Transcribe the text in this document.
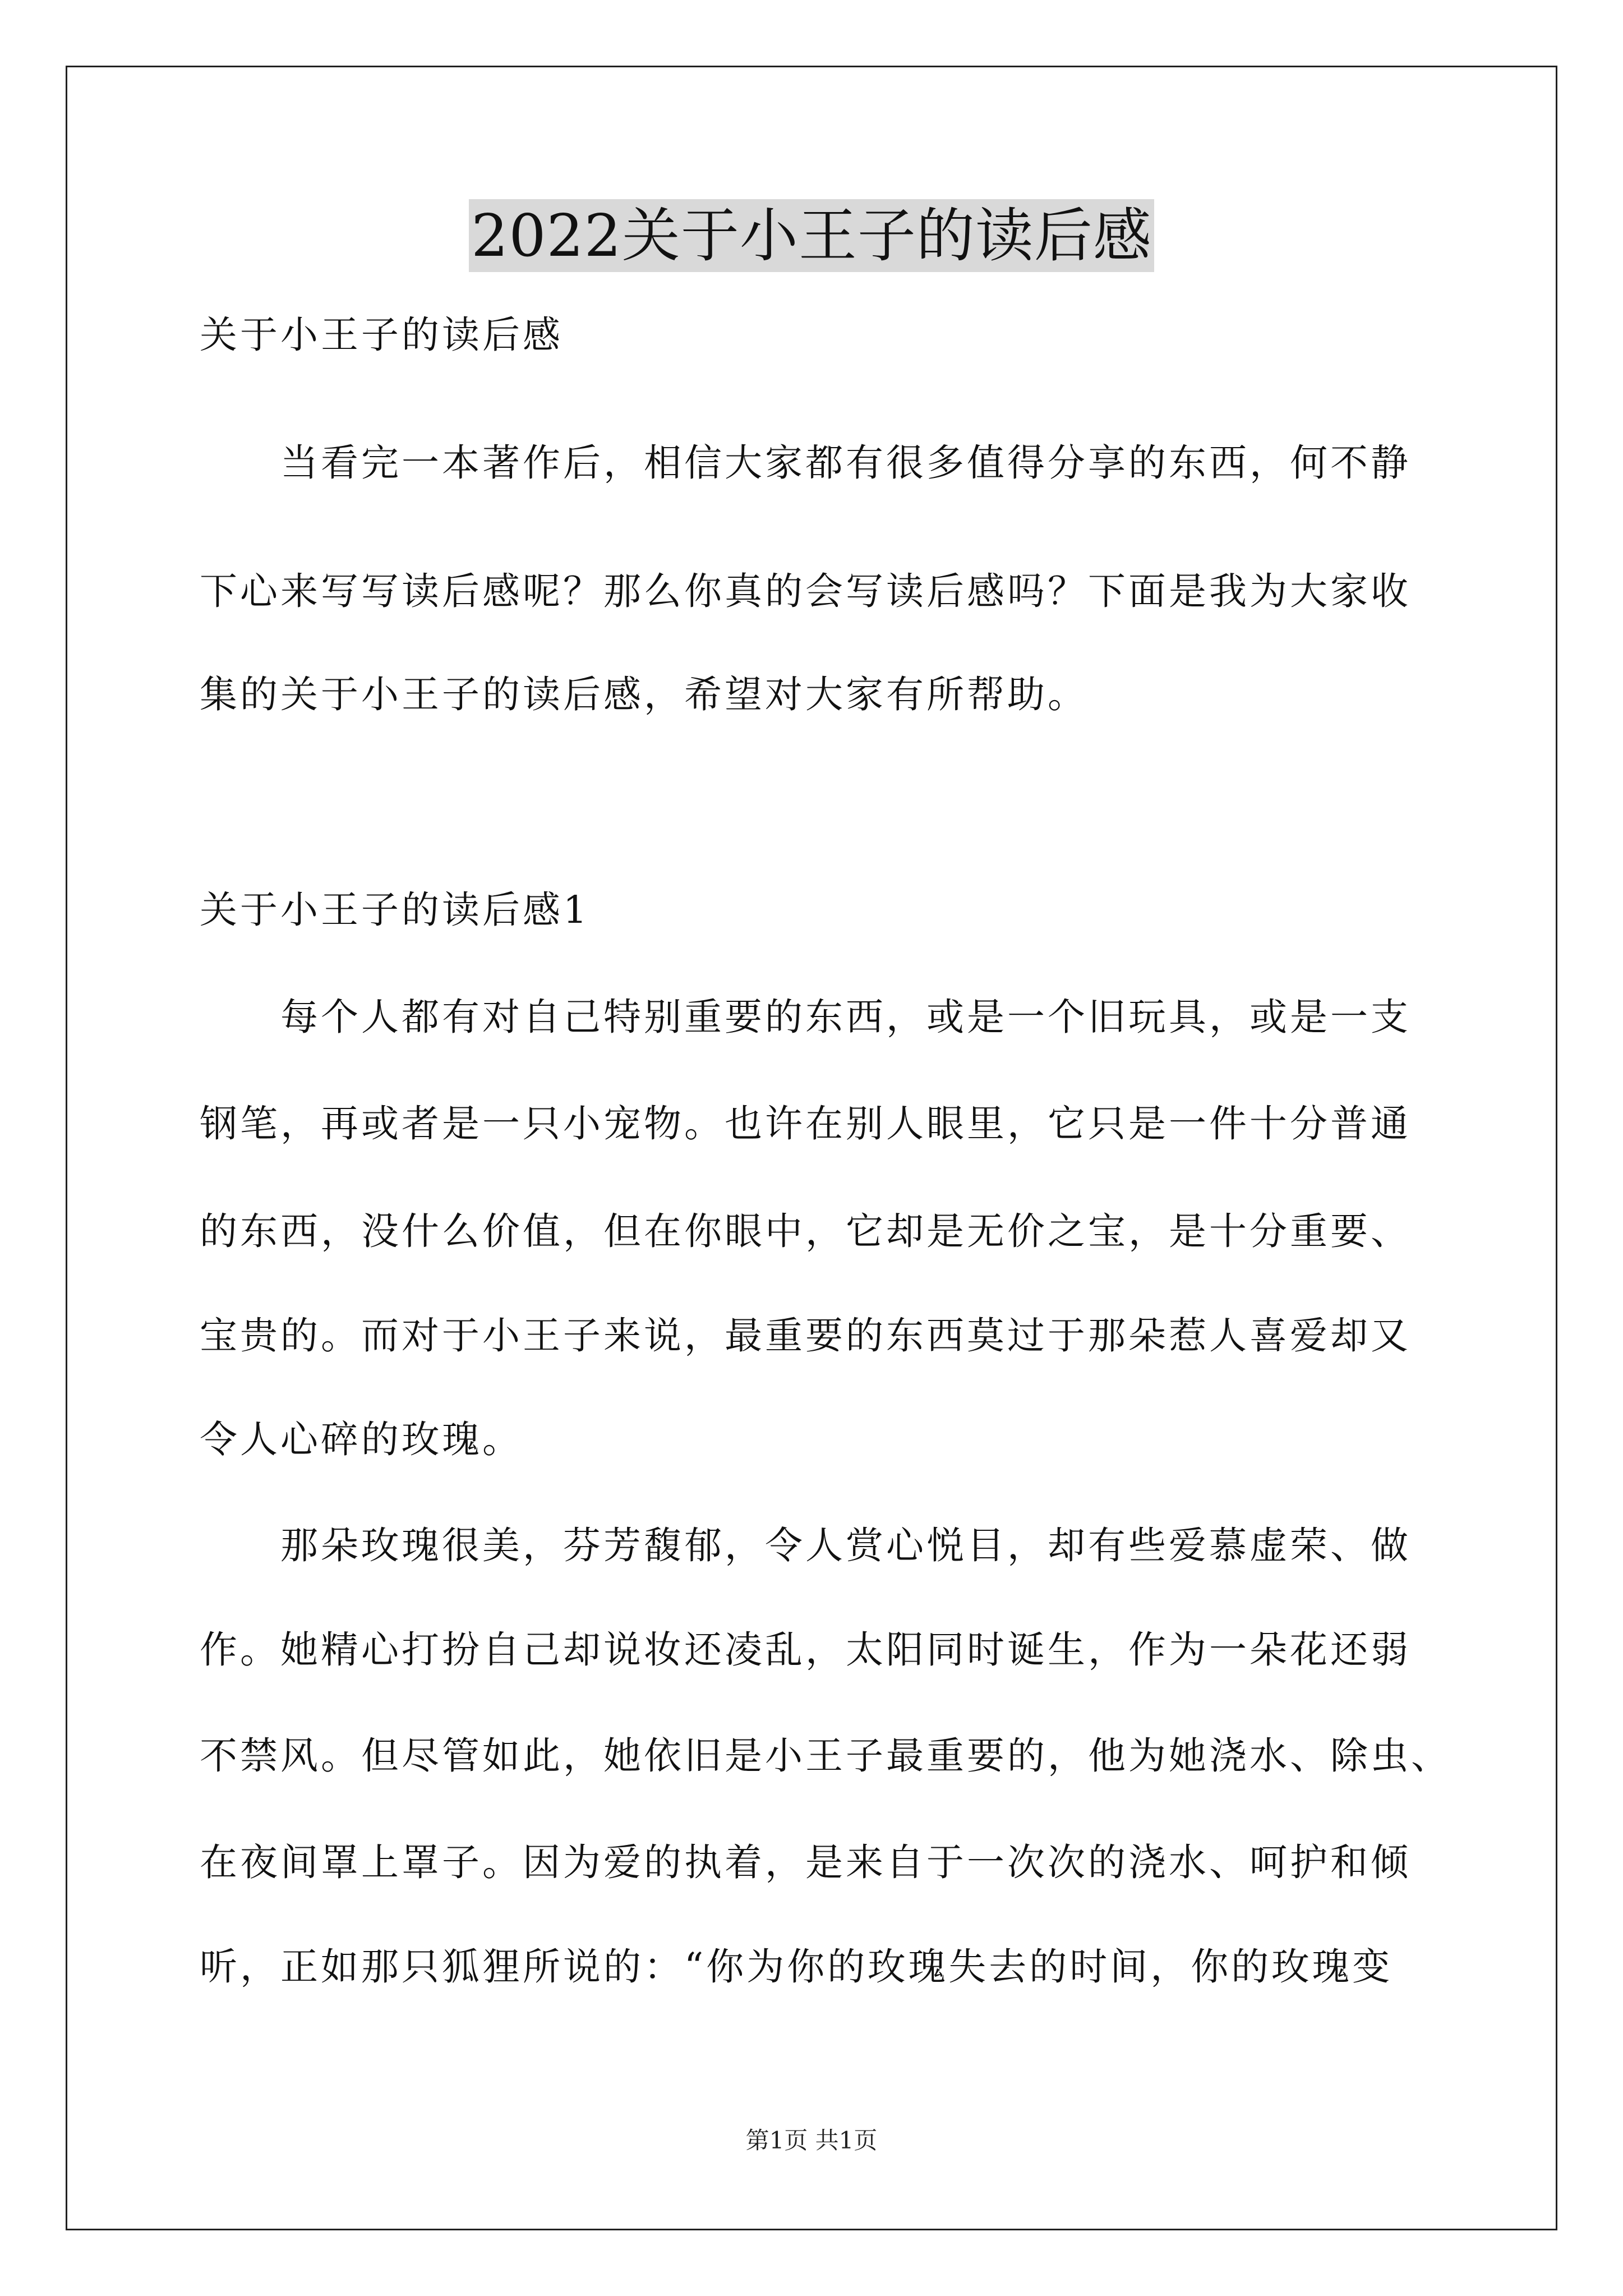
2022关于小王子的读后感
关于小王子的读后感
当看完一本著作后，相信大家都有很多值得分享的东西，何不静
下心来写写读后感呢？那么你真的会写读后感吗？下面是我为大家收
集的关于小王子的读后感，希望对大家有所帮助。
关于小王子的读后感1
每个人都有对自己特别重要的东西，或是一个旧玩具，或是一支
钢笔，再或者是一只小宠物。也许在别人眼里，它只是一件十分普通
的东西，没什么价值，但在你眼中，它却是无价之宝，是十分重要、
宝贵的。而对于小王子来说，最重要的东西莫过于那朵惹人喜爱却又
令人心碎的玫瑰。
那朵玫瑰很美，芬芳馥郁，令人赏心悦目，却有些爱慕虚荣、做
作。她精心打扮自己却说妆还凌乱，太阳同时诞生，作为一朵花还弱
不禁风。但尽管如此，她依旧是小王子最重要的，他为她浇水、除虫、
在夜间罩上罩子。因为爱的执着，是来自于一次次的浇水、呵护和倾
听，正如那只狐狸所说的：“你为你的玫瑰失去的时间，你的玫瑰变
第1页 共1页
